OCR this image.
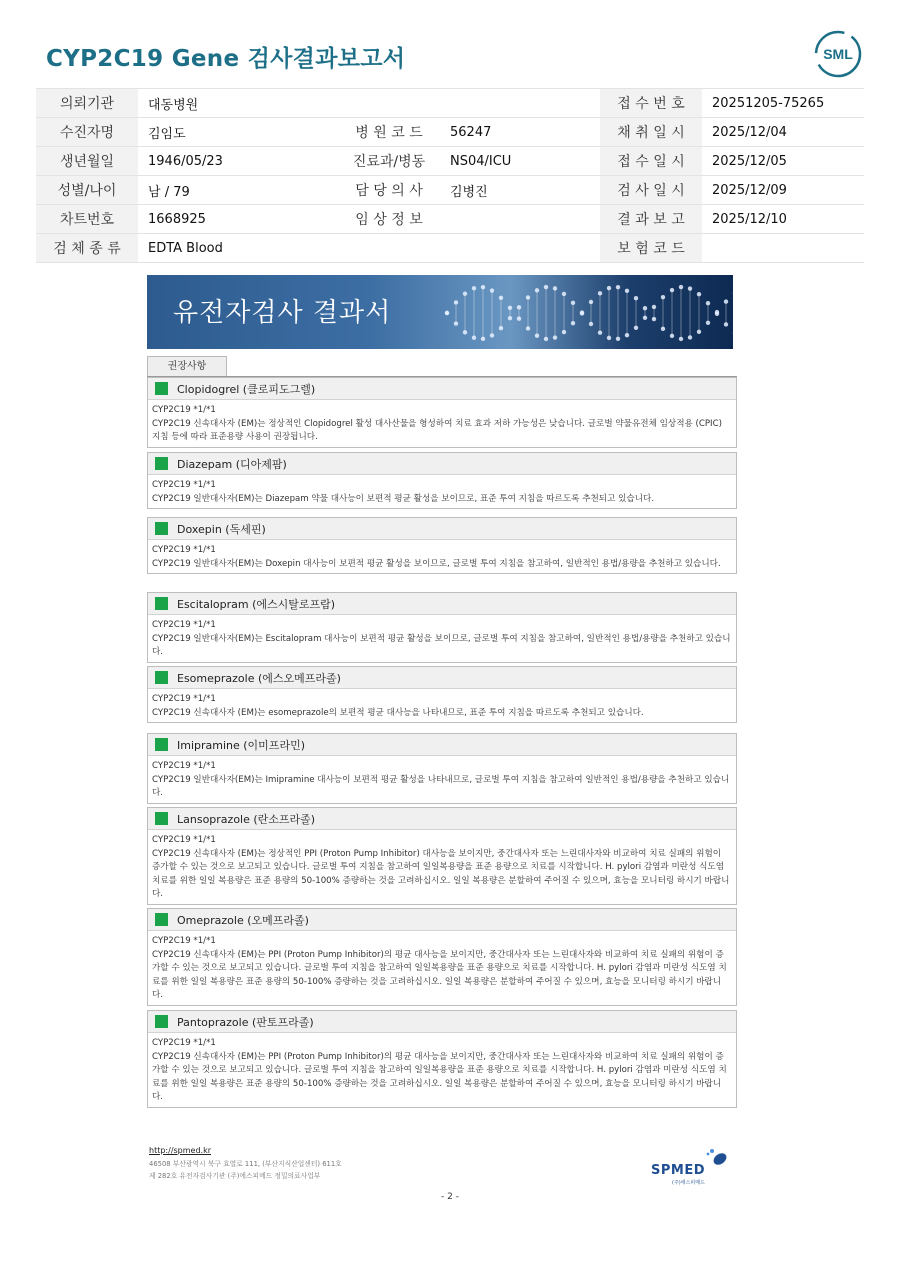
CYP2C19 Gene 검사결과보고서	SML
의뢰기관	대동병원			접 수 번 호	20251205-75265
수진자명	김임도	병 원 코 드	56247	채 취 일 시	2025/12/04
생년월일	1946/05/23	진료과/병동	NS04/ICU	접 수 일 시	2025/12/05
성별/나이	남 / 79	담 당 의 사	김병진	검 사 일 시	2025/12/09
차트번호	1668925	임 상 정 보		결 과 보 고	2025/12/10
검 체 종 류	EDTA Blood			보 험 코 드	
유전자검사 결과서
권장사항
Clopidogrel (클로피도그렐)
CYP2C19 *1/*1
CYP2C19 신속대사자 (EM)는 정상적인 Clopidogrel 활성 대사산물을 형성하여 치료 효과 저하 가능성은 낮습니다. 글로벌 약물유전체 임상적용 (CPIC) 지침 등에 따라 표준용량 사용이 권장됩니다.
Diazepam (디아제팜)
CYP2C19 *1/*1
CYP2C19 일반대사자(EM)는 Diazepam 약물 대사능이 보편적 평균 활성을 보이므로, 표준 투여 지침을 따르도록 추천되고 있습니다.
Doxepin (독세핀)
CYP2C19 *1/*1
CYP2C19 일반대사자(EM)는 Doxepin 대사능이 보편적 평균 활성을 보이므로, 글로벌 투여 지침을 참고하여, 일반적인 용법/용량을 추천하고 있습니다.
Escitalopram (에스시탈로프람)
CYP2C19 *1/*1
CYP2C19 일반대사자(EM)는 Escitalopram 대사능이 보편적 평균 활성을 보이므로, 글로벌 투여 지침을 참고하여, 일반적인 용법/용량을 추천하고 있습니다.
Esomeprazole (에스오메프라졸)
CYP2C19 *1/*1
CYP2C19 신속대사자 (EM)는 esomeprazole의 보편적 평균 대사능을 나타내므로, 표준 투여 지침을 따르도록 추천되고 있습니다.
Imipramine (이미프라민)
CYP2C19 *1/*1
CYP2C19 일반대사자(EM)는 Imipramine 대사능이 보편적 평균 활성을 나타내므로, 글로벌 투여 지침을 참고하여 일반적인 용법/용량을 추천하고 있습니다.
Lansoprazole (란소프라졸)
CYP2C19 *1/*1
CYP2C19 신속대사자 (EM)는 정상적인 PPI (Proton Pump Inhibitor) 대사능을 보이지만, 중간대사자 또는 느린대사자와 비교하여 치료 실패의 위험이 증가할 수 있는 것으로 보고되고 있습니다. 글로벌 투여 지침을 참고하여 일일복용량을 표준 용량으로 치료를 시작합니다. H. pylori 감염과 미란성 식도염 치료를 위한 일일 복용량은 표준 용량의 50-100% 증량하는 것을 고려하십시오. 일일 복용량은 분할하여 주어질 수 있으며, 효능을 모니터링 하시기 바랍니다.
Omeprazole (오메프라졸)
CYP2C19 *1/*1
CYP2C19 신속대사자 (EM)는 PPI (Proton Pump Inhibitor)의 평균 대사능을 보이지만, 중간대사자 또는 느린대사자와 비교하여 치료 실패의 위험이 증가할 수 있는 것으로 보고되고 있습니다. 글로벌 투여 지침을 참고하여 일일복용량을 표준 용량으로 치료를 시작합니다. H. pylori 감염과 미란성 식도염 치료를 위한 일일 복용량은 표준 용량의 50-100% 증량하는 것을 고려하십시오. 일일 복용량은 분할하여 주어질 수 있으며, 효능을 모니터링 하시기 바랍니다.
Pantoprazole (판토프라졸)
CYP2C19 *1/*1
CYP2C19 신속대사자 (EM)는 PPI (Proton Pump Inhibitor)의 평균 대사능을 보이지만, 중간대사자 또는 느린대사자와 비교하여 치료 실패의 위험이 증가할 수 있는 것으로 보고되고 있습니다. 글로벌 투여 지침을 참고하여 일일복용량을 표준 용량으로 치료를 시작합니다. H. pylori 감염과 미란성 식도염 치료를 위한 일일 복용량은 표준 용량의 50-100% 증량하는 것을 고려하십시오. 일일 복용량은 분할하여 주어질 수 있으며, 효능을 모니터링 하시기 바랍니다.
http://spmed.kr
46508 부산광역시 북구 효열로 111, (부산지식산업센터) 611호
제 282호 유전자검사기관 (주)에스피메드 정밀의료사업부	SPMED
(주)에스피메드
- 2 -
